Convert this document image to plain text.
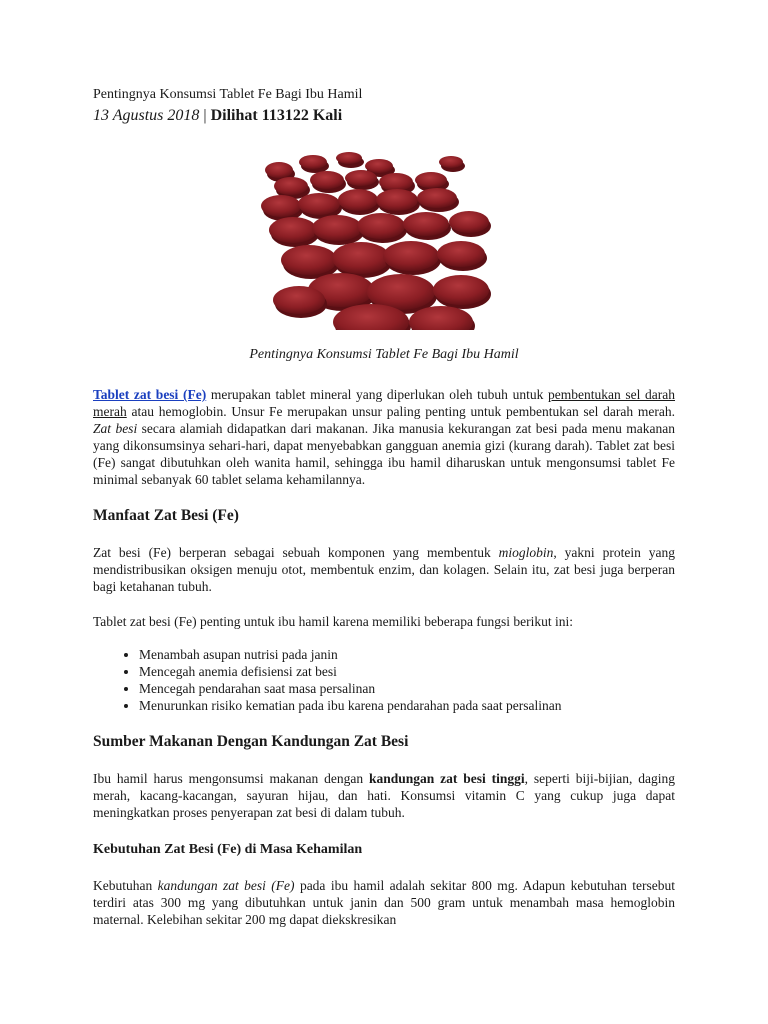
Pentingnya Konsumsi Tablet Fe Bagi Ibu Hamil

13 Agustus 2018 | Dilihat 113122 Kali

Pentingnya Konsumsi Tablet Fe Bagi Ibu Hamil

Tablet zat besi (Fe) merupakan tablet mineral yang diperlukan oleh tubuh untuk pembentukan sel darah merah atau hemoglobin. Unsur Fe merupakan unsur paling penting untuk pembentukan sel darah merah. Zat besi secara alamiah didapatkan dari makanan. Jika manusia kekurangan zat besi pada menu makanan yang dikonsumsinya sehari-hari, dapat menyebabkan gangguan anemia gizi (kurang darah). Tablet zat besi (Fe) sangat dibutuhkan oleh wanita hamil, sehingga ibu hamil diharuskan untuk mengonsumsi tablet Fe minimal sebanyak 60 tablet selama kehamilannya.

Manfaat Zat Besi (Fe)

Zat besi (Fe) berperan sebagai sebuah komponen yang membentuk mioglobin, yakni protein yang mendistribusikan oksigen menuju otot, membentuk enzim, dan kolagen. Selain itu, zat besi juga berperan bagi ketahanan tubuh.

Tablet zat besi (Fe) penting untuk ibu hamil karena memiliki beberapa fungsi berikut ini:

• Menambah asupan nutrisi pada janin
• Mencegah anemia defisiensi zat besi
• Mencegah pendarahan saat masa persalinan
• Menurunkan risiko kematian pada ibu karena pendarahan pada saat persalinan
Sumber Makanan Dengan Kandungan Zat Besi

Ibu hamil harus mengonsumsi makanan dengan kandungan zat besi tinggi, seperti biji-bijian, daging merah, kacang-kacangan, sayuran hijau, dan hati. Konsumsi vitamin C yang cukup juga dapat meningkatkan proses penyerapan zat besi di dalam tubuh.

Kebutuhan Zat Besi (Fe) di Masa Kehamilan

Kebutuhan kandungan zat besi (Fe) pada ibu hamil adalah sekitar 800 mg. Adapun kebutuhan tersebut terdiri atas 300 mg yang dibutuhkan untuk janin dan 500 gram untuk menambah masa hemoglobin maternal. Kelebihan sekitar 200 mg dapat diekskresikan
